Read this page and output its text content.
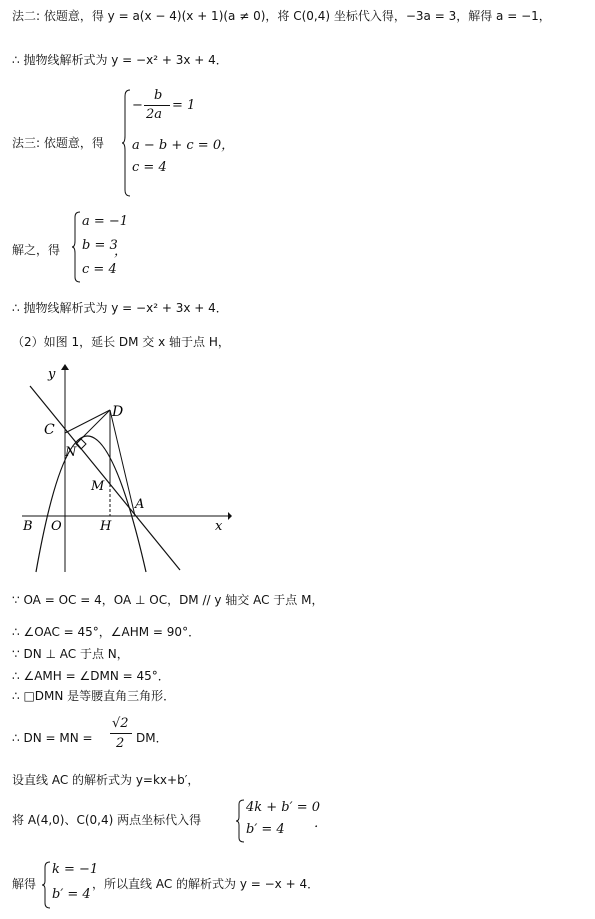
法二: 依题意，得 y = a(x − 4)(x + 1)(a ≠ 0)，将 C(0,4) 坐标代入得，−3a = 3，解得 a = −1，
∴ 抛物线解析式为 y = −x² + 3x + 4．
法三: 依题意，得
−
b
2a
= 1
a − b + c = 0，
c = 4
解之，得
a = −1
b = 3
c = 4
，
∴ 抛物线解析式为 y = −x² + 3x + 4．
（2）如图 1，延长 DM 交 x 轴于点 H，
y
x
C
D
N
M
A
B O	H
∵ OA = OC = 4，OA ⊥ OC，DM // y 轴交 AC 于点 M，
∴ ∠OAC = 45°，∠AHM = 90°．
∵ DN ⊥ AC 于点 N，
∴ ∠AMH = ∠DMN = 45°．
∴ □DMN 是等腰直角三角形．
∴ DN = MN =
√2
2 DM．
设直线 AC 的解析式为 y=kx+b′，
将 A(4,0)、C(0,4) 两点坐标代入得
4k + b′ = 0
b′ = 4 ．
解得
k = −1
b′ = 4
，所以直线 AC 的解析式为 y = −x + 4．
